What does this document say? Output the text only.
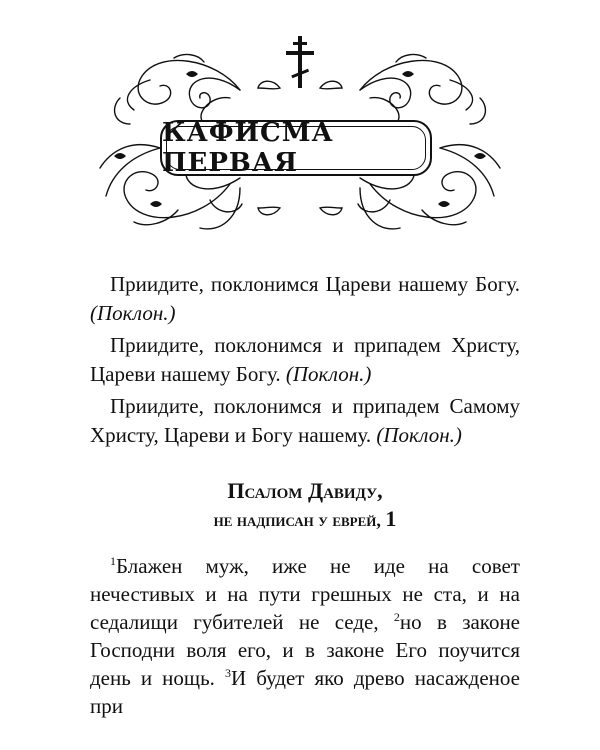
КАФИСМА ПЕРВАЯ

Приидите, поклонимся Цареви нашему Богу. (Поклон.)

Приидите, поклонимся и припадем Христу, Цареви нашему Богу. (Поклон.)

Приидите, поклонимся и припадем Самому Христу, Цареви и Богу нашему. (Поклон.)

Псалом Давиду,
не надписан у еврей, 1
$^1$Блажен муж, иже не иде на совет нечестивых и на пути грешных не ста, и на седалищи губителей не седе, $^2$но в законе Господни воля его, и в законе Его поучится день и нощь. $^3$И будет яко древо насажденое при
